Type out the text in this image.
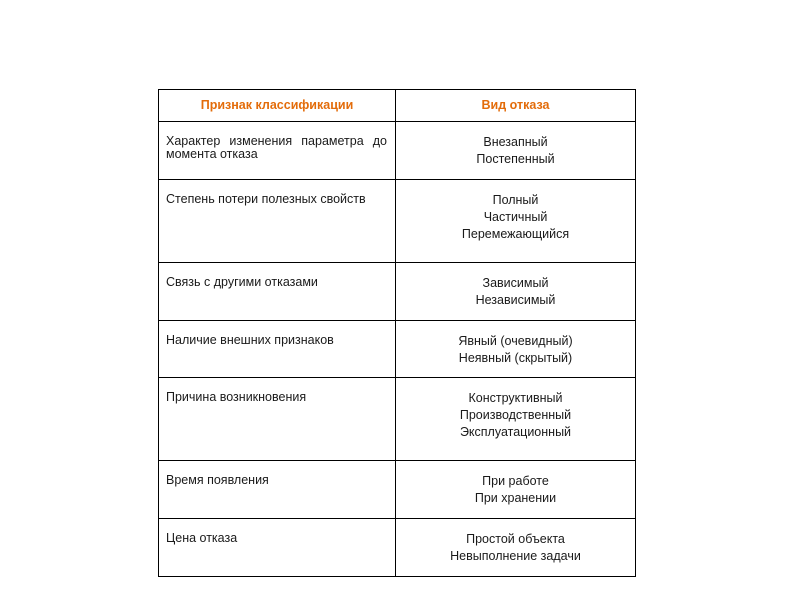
Признак классификации	Вид отказа
Характер изменения параметра до момента отказа	Внезапный
Постепенный

Степень потери полезных свойств	Полный
Частичный
Перемежающийся

Связь с другими отказами	Зависимый
Независимый

Наличие внешних признаков	Явный (очевидный)
Неявный (скрытый)

Причина возникновения	Конструктивный
Производственный
Эксплуатационный

Время появления	При работе
При хранении

Цена отказа	Простой объекта
Невыполнение задачи
